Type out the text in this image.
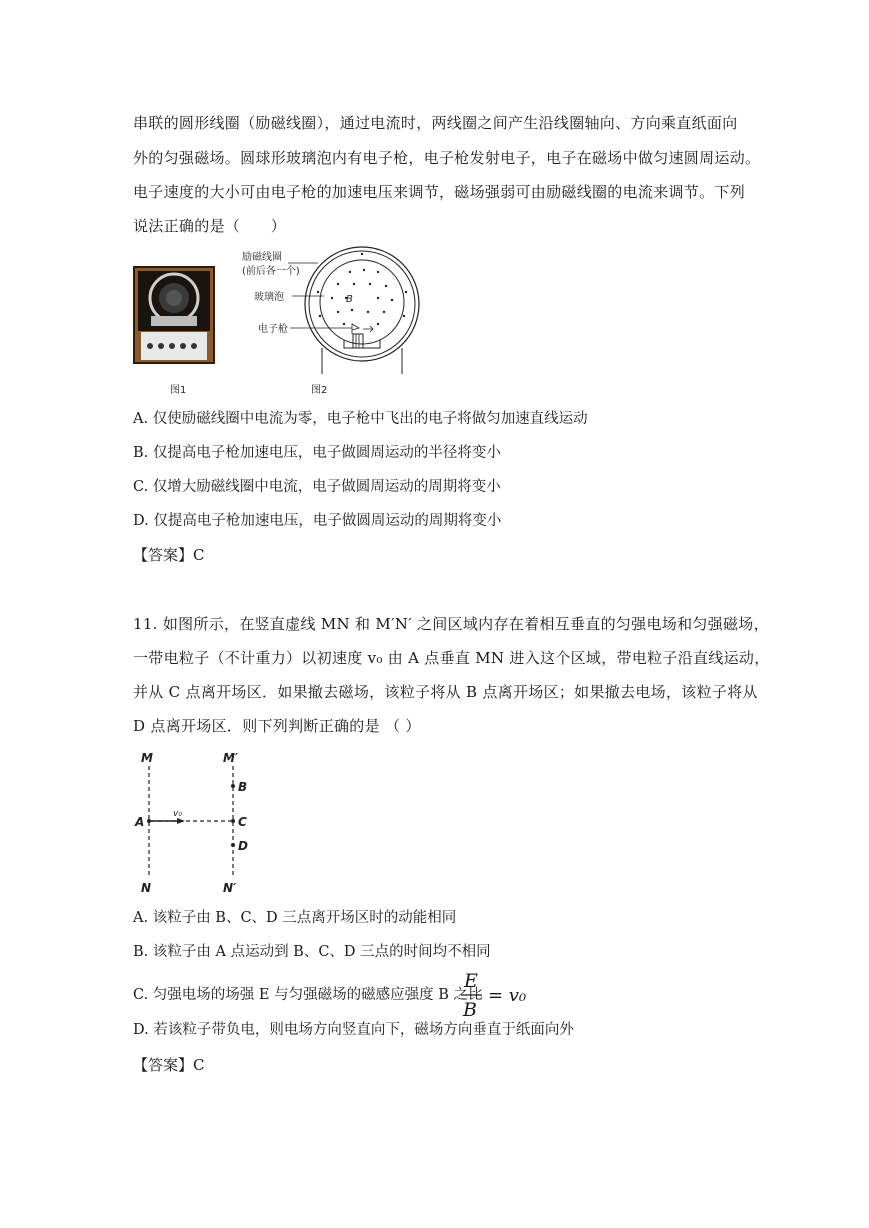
串联的圆形线圈（励磁线圈），通过电流时，两线圈之间产生沿线圈轴向、方向乘直纸面向
外的匀强磁场。圆球形玻璃泡内有电子枪，电子枪发射电子，电子在磁场中做匀速圆周运动。
电子速度的大小可由电子枪的加速电压来调节，磁场强弱可由励磁线圈的电流来调节。下列
说法正确的是（　　）
图1
B
励磁线圈
(前后各一个)
玻璃泡
电子枪
图2
A. 仅使励磁线圈中电流为零，电子枪中飞出的电子将做匀加速直线运动
B. 仅提高电子枪加速电压，电子做圆周运动的半径将变小
C. 仅增大励磁线圈中电流，电子做圆周运动的周期将变小
D. 仅提高电子枪加速电压，电子做圆周运动的周期将变小
【答案】C
11. 如图所示，在竖直虚线 MN 和 M′N′ 之间区域内存在着相互垂直的匀强电场和匀强磁场，
一带电粒子（不计重力）以初速度 v₀ 由 A 点垂直 MN 进入这个区域，带电粒子沿直线运动，
并从 C 点离开场区．如果撤去磁场，该粒子将从 B 点离开场区；如果撤去电场，该粒子将从
D 点离开场区．则下列判断正确的是 （ ）
M	M′
N	N′
A
B
C
D
v₀
A. 该粒子由 B、C、D 三点离开场区时的动能相同
B. 该粒子由 A 点运动到 B、C、D 三点的时间均不相同
C. 匀强电场的场强 E 与匀强磁场的磁感应强度 B 之比
E
B
= v₀
D. 若该粒子带负电，则电场方向竖直向下，磁场方向垂直于纸面向外
【答案】C
